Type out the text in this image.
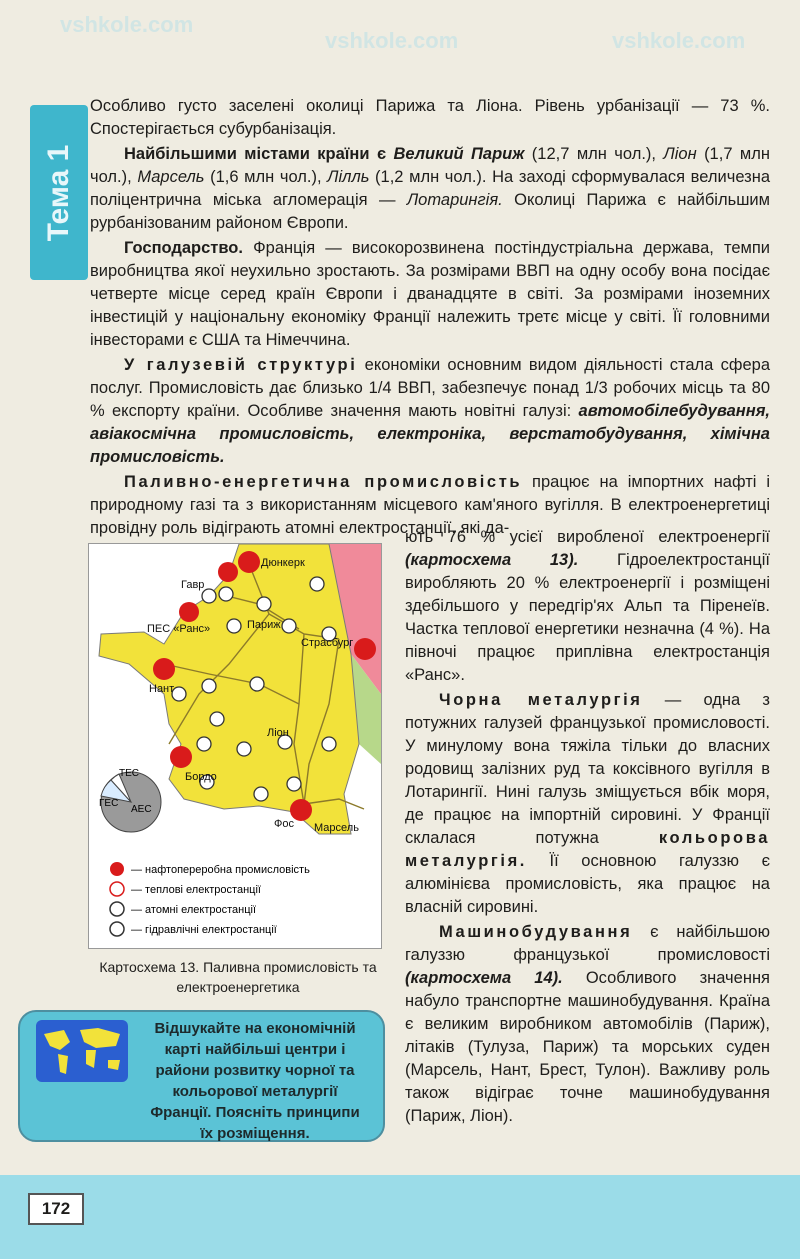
vshkole.com
vshkole.com	vshkole.com
Тема 1

Особливо густо заселені околиці Парижа та Ліона. Рівень урбанізації — 73 %. Спостерігається субурбанізація.

Найбільшими містами країни є Великий Париж (12,7 млн чол.), Ліон (1,7 млн чол.), Марсель (1,6 млн чол.), Лілль (1,2 млн чол.). На заході сформувалася величезна поліцентрична міська агломерація — Лотарингія. Околиці Парижа є найбільшим рурбанізованим районом Європи.

Господарство. Франція — високорозвинена постіндустріальна держава, темпи виробництва якої неухильно зростають. За розмірами ВВП на одну особу вона посідає четверте місце серед країн Європи і дванадцяте в світі. За розмірами іноземних інвестицій у національну економіку Франції належить третє місце у світі. Її головними інвесторами є США та Німеччина.

У галузевій структурі економіки основним видом діяльності стала сфера послуг. Промисловість дає близько 1/4 ВВП, забезпечує понад 1/3 робочих місць та 80 % експорту країни. Особливе значення мають новітні галузі: автомобілебудування, авіакосмічна промисловість, електроніка, верстатобудування, хімічна промисловість.

Паливно-енергетична промисловість працює на імпортних нафті і природному газі та з використанням місцевого кам'яного вугілля. В електроенергетиці провідну роль відіграють атомні електростанції, які да-

Дюнкерк
Гавр
ПЕС «Ранс»	Париж
Страсбург
Нант
Ліон
Бордо
Фос Марсель
ТЕС
ГЕС
АЕС
— нафтопереробна промисловість
— теплові електростанції
— атомні електростанції
— гідравлічні електростанції
Картосхема 13. Паливна промисловість та електроенергетика

ють 76 % усієї виробленої електроенергії (картосхема 13). Гідроелектростанції виробляють 20 % електроенергії і розміщені здебільшого у передгір'ях Альп та Піренеїв. Частка теплової енергетики незначна (4 %). На півночі працює приплівна електростанція «Ранс».

Чорна металургія — одна з потужних галузей французької промисловості. У минулому вона тяжіла тільки до власних родовищ залізних руд та коксівного вугілля в Лотарингії. Нині галузь зміщується вбік моря, де працює на імпортній сировині. У Франції склалася потужна кольорова металургія. Її основною галуззю є алюмінієва промисловість, яка працює на власній сировині.

Машинобудування є найбільшою галуззю французької промисловості (картосхема 14). Особливого значення набуло транспортне машинобудування. Країна є великим виробником автомобілів (Париж), літаків (Тулуза, Париж) та морських суден (Марсель, Нант, Брест, Тулон). Важливу роль також відіграє точне машинобудування (Париж, Ліон).

Відшукайте на економічній карті найбільші центри і райони розвитку чорної та кольорової металургії Франції. Поясніть принципи їх розміщення.
172
